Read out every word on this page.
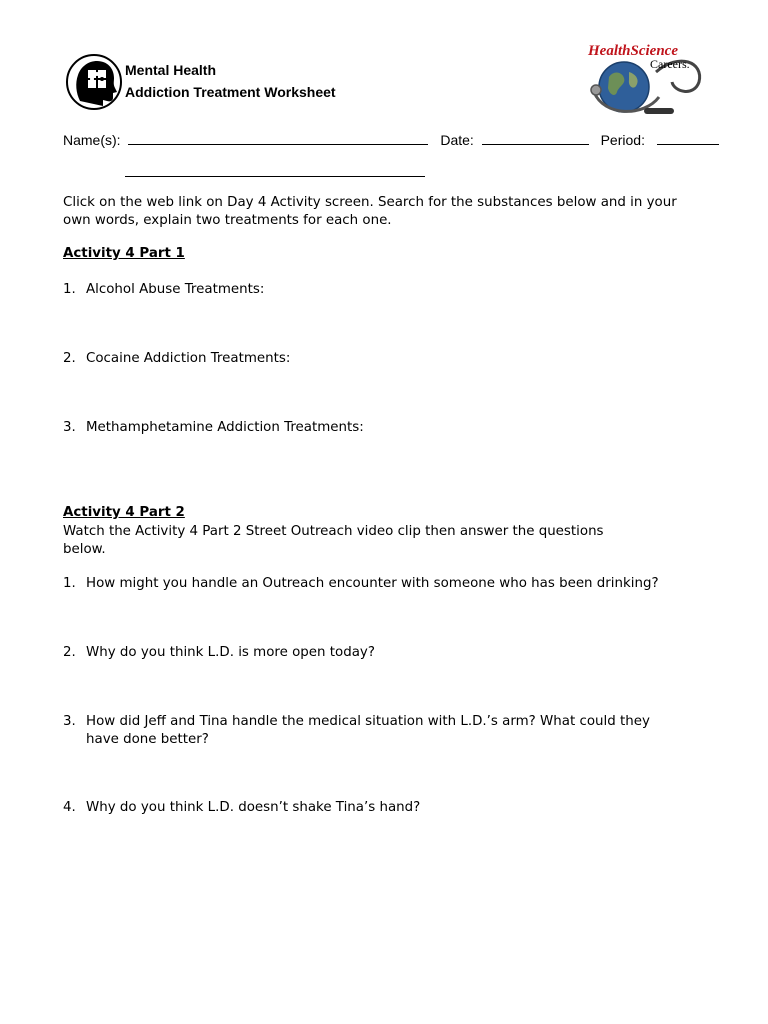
Mental Health
Addiction Treatment Worksheet
HealthScience
Careers.
Name(s):	Date:	Period:
Click on the web link on Day 4 Activity screen. Search for the substances below and in your own words, explain two treatments for each one.
Activity 4 Part 1
1. Alcohol Abuse Treatments:
2. Cocaine Addiction Treatments:
3. Methamphetamine Addiction Treatments:
Activity 4 Part 2
Watch the Activity 4 Part 2 Street Outreach video clip then answer the questions below.
1. How might you handle an Outreach encounter with someone who has been drinking?
2. Why do you think L.D. is more open today?
3. How did Jeff and Tina handle the medical situation with L.D.’s arm? What could they have done better?
4. Why do you think L.D. doesn’t shake Tina’s hand?
